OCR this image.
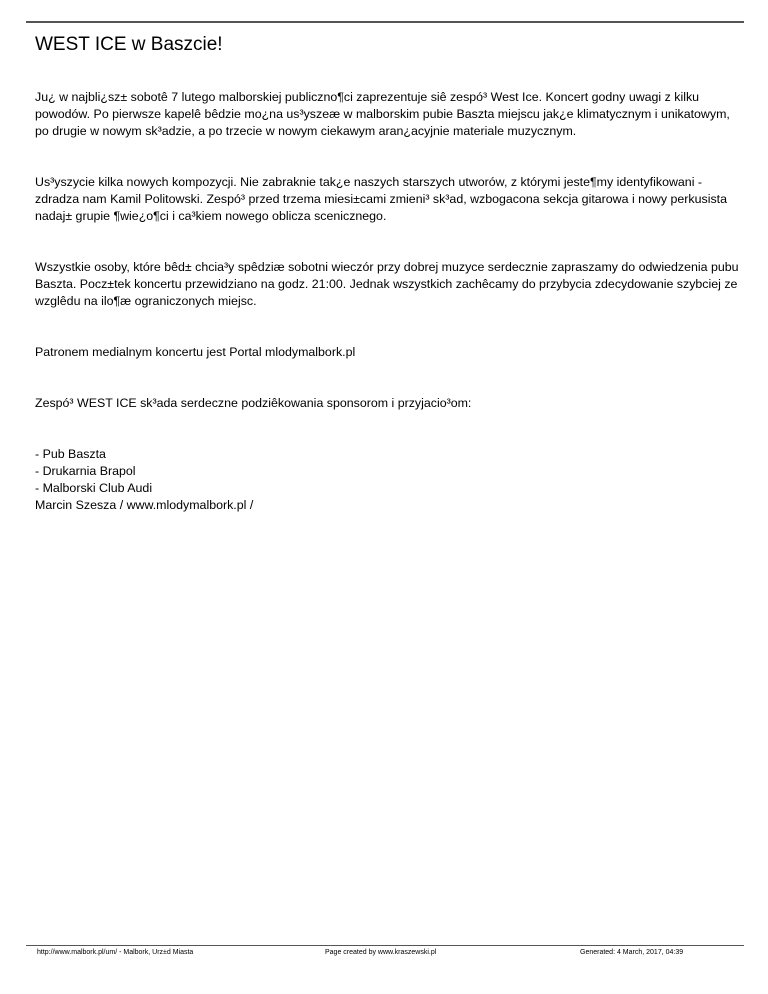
WEST ICE w Baszcie!

Ju¿ w najbli¿sz± sobotê 7 lutego malborskiej publiczno¶ci zaprezentuje siê zespó³ West Ice. Koncert godny uwagi z kilku powodów. Po pierwsze kapelê bêdzie mo¿na us³yszeæ w malborskim pubie Baszta miejscu jak¿e klimatycznym i unikatowym, po drugie w nowym sk³adzie, a po trzecie w nowym ciekawym aran¿acyjnie materiale muzycznym.

Us³yszycie kilka nowych kompozycji. Nie zabraknie tak¿e naszych starszych utworów, z którymi jeste¶my identyfikowani - zdradza nam Kamil Politowski. Zespó³ przed trzema miesi±cami zmieni³ sk³ad, wzbogacona sekcja gitarowa i nowy perkusista nadaj± grupie ¶wie¿o¶ci i ca³kiem nowego oblicza scenicznego.

Wszystkie osoby, które bêd± chcia³y spêdziæ sobotni wieczór przy dobrej muzyce serdecznie zapraszamy do odwiedzenia pubu Baszta. Pocz±tek koncertu przewidziano na godz. 21:00. Jednak wszystkich zachêcamy do przybycia zdecydowanie szybciej ze wzglêdu na ilo¶æ ograniczonych miejsc.

Patronem medialnym koncertu jest Portal mlodymalbork.pl

Zespó³ WEST ICE sk³ada serdeczne podziêkowania sponsorom i przyjacio³om:

- Pub Baszta
- Drukarnia Brapol
- Malborski Club Audi
Marcin Szesza / www.mlodymalbork.pl /
http://www.malbork.pl/um/ - Malbork, Urz±d Miasta	Page created by www.kraszewski.pl	Generated: 4 March, 2017, 04:39
